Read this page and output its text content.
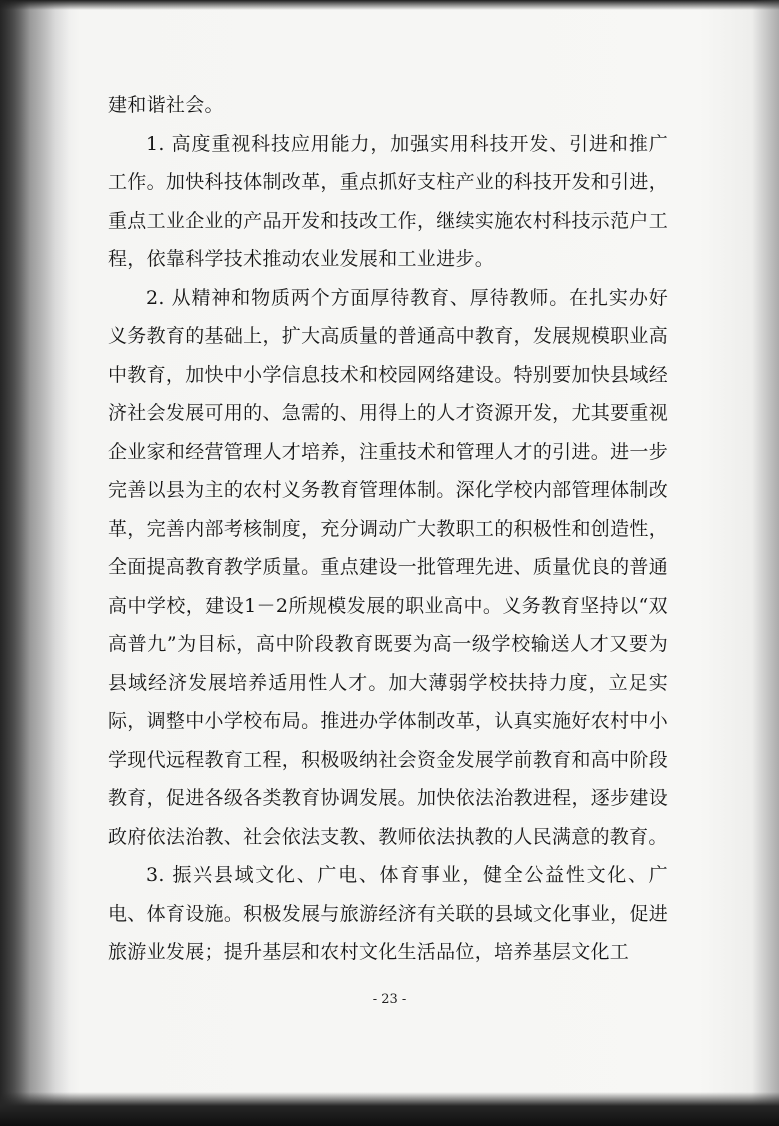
建和谐社会。

1. 高度重视科技应用能力，加强实用科技开发、引进和推广工作。加快科技体制改革，重点抓好支柱产业的科技开发和引进，重点工业企业的产品开发和技改工作，继续实施农村科技示范户工程，依靠科学技术推动农业发展和工业进步。

2. 从精神和物质两个方面厚待教育、厚待教师。在扎实办好义务教育的基础上，扩大高质量的普通高中教育，发展规模职业高中教育，加快中小学信息技术和校园网络建设。特别要加快县域经济社会发展可用的、急需的、用得上的人才资源开发，尤其要重视企业家和经营管理人才培养，注重技术和管理人才的引进。进一步完善以县为主的农村义务教育管理体制。深化学校内部管理体制改革，完善内部考核制度，充分调动广大教职工的积极性和创造性，全面提高教育教学质量。重点建设一批管理先进、质量优良的普通高中学校，建设1－2所规模发展的职业高中。义务教育坚持以“双高普九”为目标，高中阶段教育既要为高一级学校输送人才又要为县域经济发展培养适用性人才。加大薄弱学校扶持力度，立足实际，调整中小学校布局。推进办学体制改革，认真实施好农村中小学现代远程教育工程，积极吸纳社会资金发展学前教育和高中阶段教育，促进各级各类教育协调发展。加快依法治教进程，逐步建设政府依法治教、社会依法支教、教师依法执教的人民满意的教育。

3. 振兴县域文化、广电、体育事业，健全公益性文化、广电、体育设施。积极发展与旅游经济有关联的县域文化事业，促进旅游业发展；提升基层和农村文化生活品位，培养基层文化工

- 23 -
